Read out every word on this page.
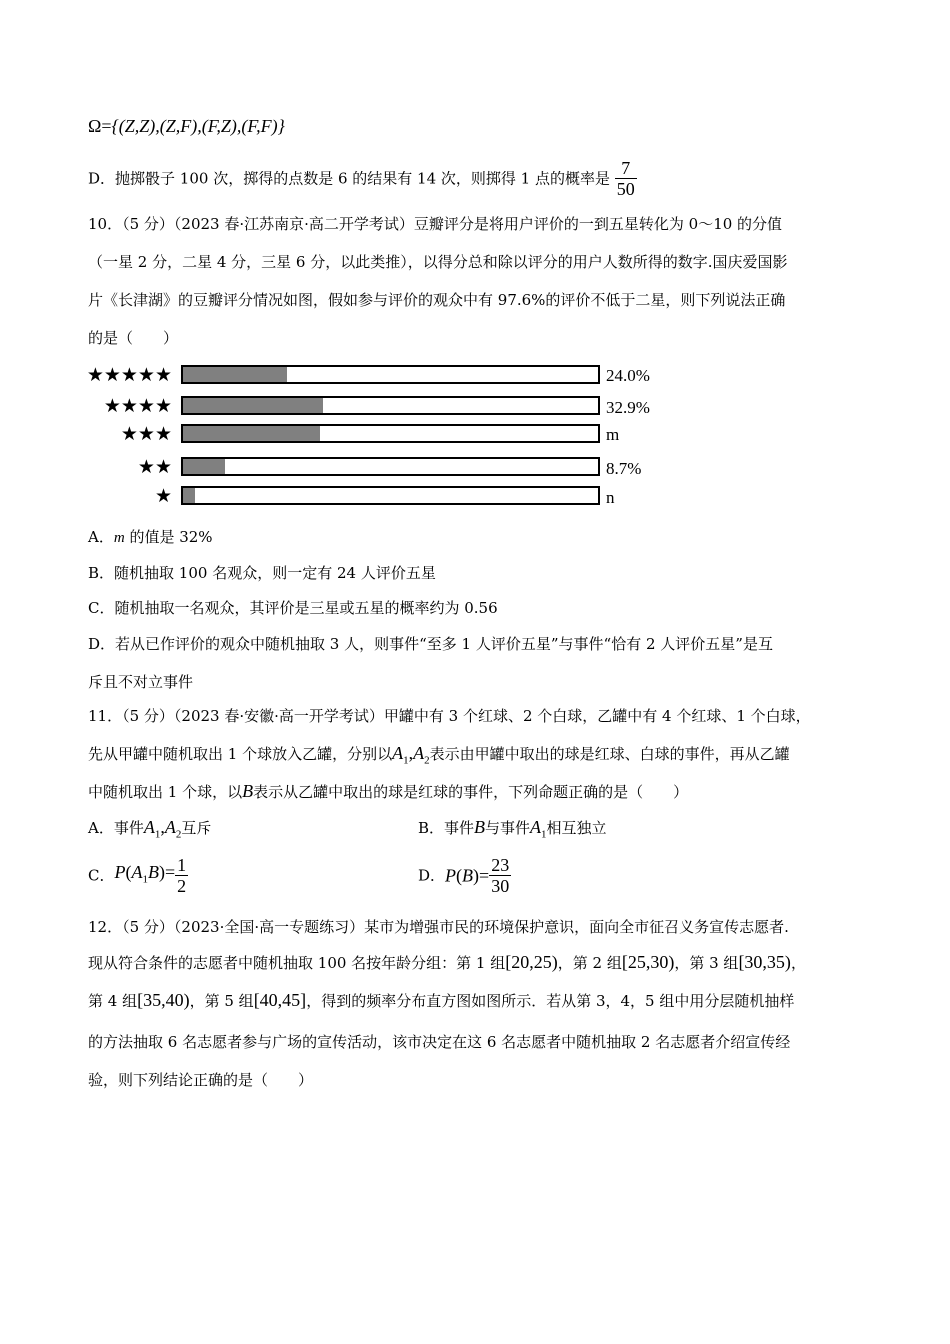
Ω={(Z,Z),(Z,F),(F,Z),(F,F)}
D．抛掷骰子 100 次，掷得的点数是 6 的结果有 14 次，则掷得 1 点的概率是 $\frac{7}{50}$
10．（5 分）（2023 春·江苏南京·高二开学考试）豆瓣评分是将用户评价的一到五星转化为 0～10 的分值
（一星 2 分，二星 4 分，三星 6 分，以此类推），以得分总和除以评分的用户人数所得的数字.国庆爱国影
片《长津湖》的豆瓣评分情况如图，假如参与评价的观众中有 97.6%的评价不低于二星，则下列说法正确
的是（　　）
★★★★★	24.0%
★★★★	32.9%
★★★	m
★★	8.7%
★	n
A．m 的值是 32%
B．随机抽取 100 名观众，则一定有 24 人评价五星
C．随机抽取一名观众，其评价是三星或五星的概率约为 0.56
D．若从已作评价的观众中随机抽取 3 人，则事件“至多 1 人评价五星”与事件“恰有 2 人评价五星”是互
斥且不对立事件
11．（5 分）（2023 春·安徽·高一开学考试）甲罐中有 3 个红球、2 个白球，乙罐中有 4 个红球、1 个白球，
先从甲罐中随机取出 1 个球放入乙罐，分别以$A_1,A_2$表示由甲罐中取出的球是红球、白球的事件，再从乙罐
中随机取出 1 个球，以B表示从乙罐中取出的球是红球的事件，下列命题正确的是（　　）
A．事件$A_1,A_2$互斥	B．事件B与事件$A_1$相互独立
C．$P(A_1B)= \frac{1}{2}$	D．$P(B)= \frac{23}{30}$
12．（5 分）（2023·全国·高一专题练习）某市为增强市民的环境保护意识，面向全市征召义务宣传志愿者.
现从符合条件的志愿者中随机抽取 100 名按年龄分组：第 1 组[20,25)，第 2 组[25,30)，第 3 组[30,35)，
第 4 组[35,40)，第 5 组[40,45]，得到的频率分布直方图如图所示．若从第 3，4，5 组中用分层随机抽样
的方法抽取 6 名志愿者参与广场的宣传活动，该市决定在这 6 名志愿者中随机抽取 2 名志愿者介绍宣传经
验，则下列结论正确的是（　　）
